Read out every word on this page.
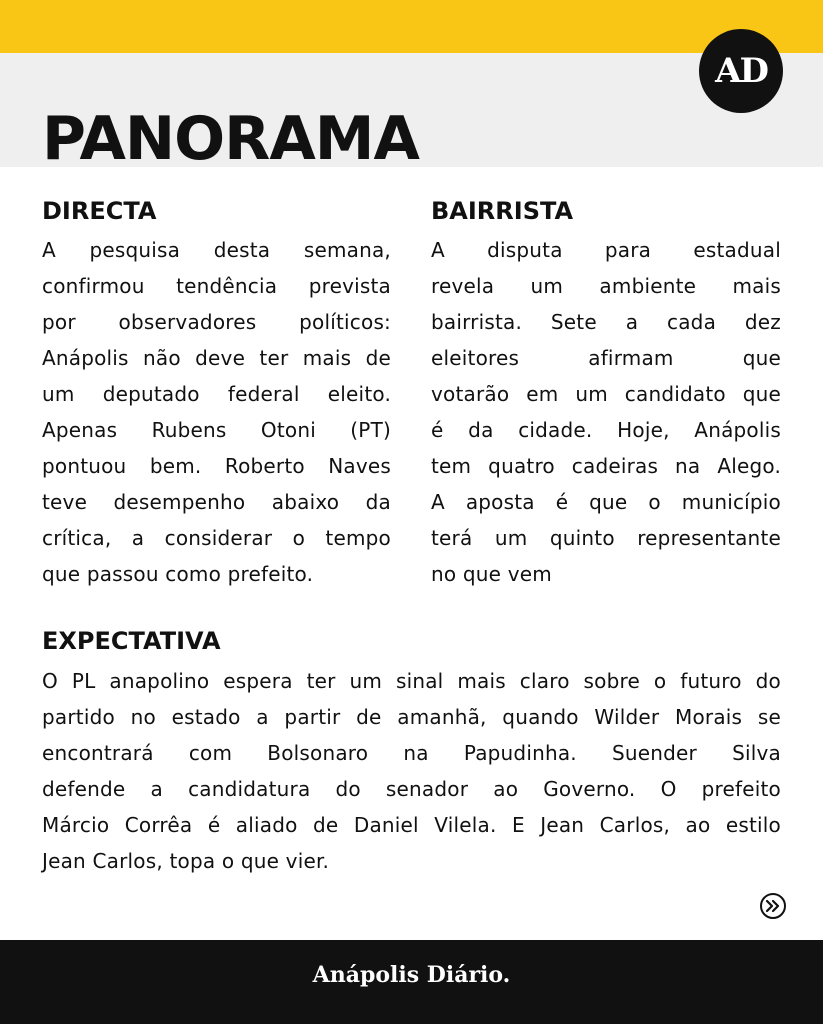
PANORAMA
AD
DIRECTA
A pesquisa desta semana,
confirmou tendência prevista
por observadores políticos:
Anápolis não deve ter mais de
um deputado federal eleito.
Apenas Rubens Otoni (PT)
pontuou bem. Roberto Naves
teve desempenho abaixo da
crítica, a considerar o tempo
que passou como prefeito.
BAIRRISTA
A disputa para estadual
revela um ambiente mais
bairrista. Sete a cada dez
eleitores afirmam que
votarão em um candidato que
é da cidade. Hoje, Anápolis
tem quatro cadeiras na Alego.
A aposta é que o município
terá um quinto representante
no que vem
EXPECTATIVA
O PL anapolino espera ter um sinal mais claro sobre o futuro do
partido no estado a partir de amanhã, quando Wilder Morais se
encontrará com Bolsonaro na Papudinha. Suender Silva
defende a candidatura do senador ao Governo. O prefeito
Márcio Corrêa é aliado de Daniel Vilela. E Jean Carlos, ao estilo
Jean Carlos, topa o que vier.
Anápolis Diário.
